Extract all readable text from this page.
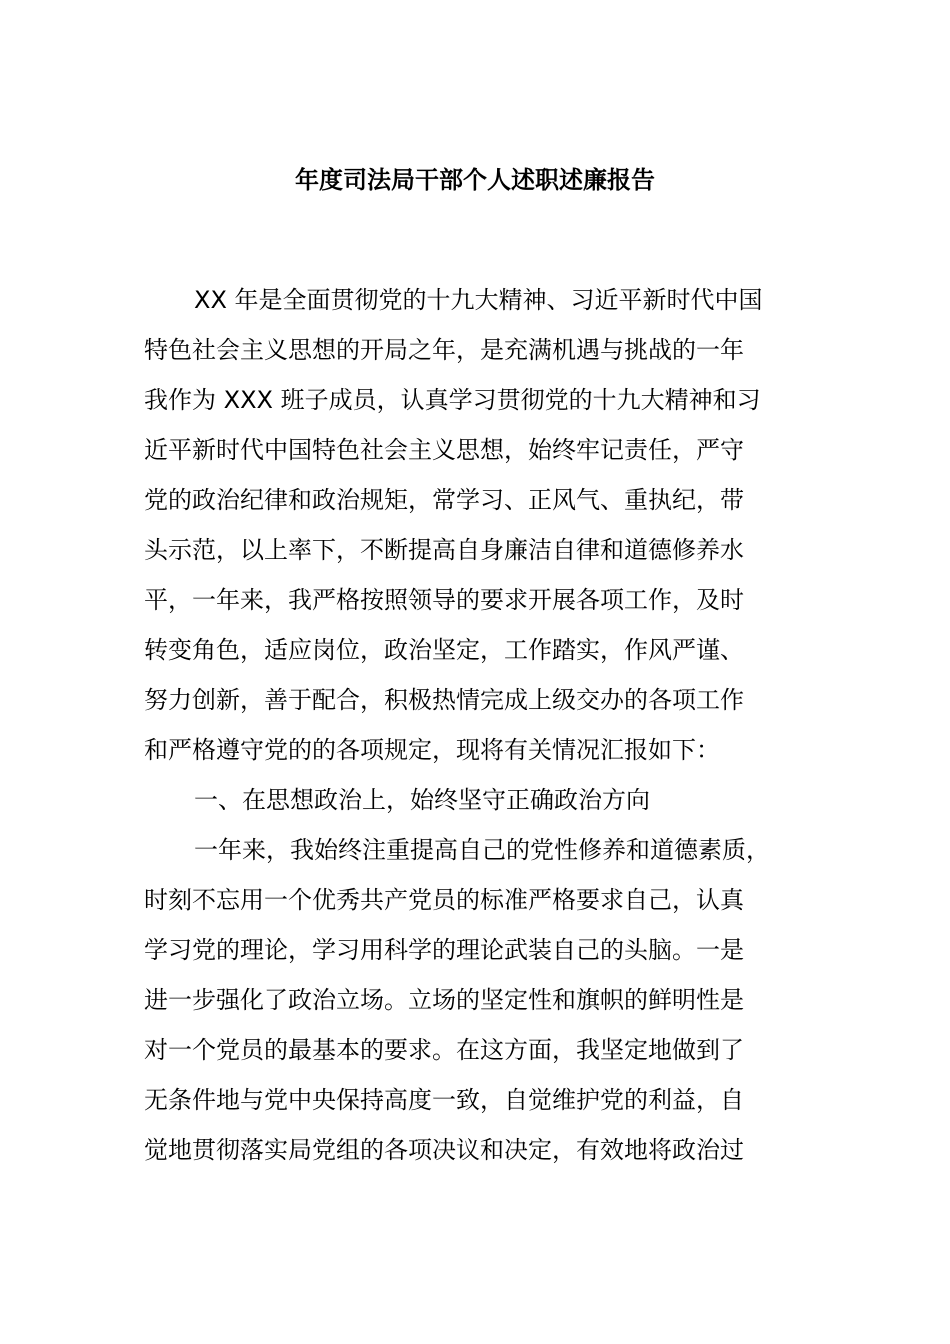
年度司法局干部个人述职述廉报告
XX 年是全面贯彻党的十九大精神、习近平新时代中国
特色社会主义思想的开局之年，是充满机遇与挑战的一年
我作为 XXX 班子成员，认真学习贯彻党的十九大精神和习
近平新时代中国特色社会主义思想，始终牢记责任，严守
党的政治纪律和政治规矩，常学习、正风气、重执纪，带
头示范，以上率下，不断提高自身廉洁自律和道德修养水
平，一年来，我严格按照领导的要求开展各项工作，及时
转变角色，适应岗位，政治坚定，工作踏实，作风严谨、
努力创新，善于配合，积极热情完成上级交办的各项工作
和严格遵守党的的各项规定，现将有关情况汇报如下：
一、在思想政治上，始终坚守正确政治方向
一年来，我始终注重提高自己的党性修养和道德素质，
时刻不忘用一个优秀共产党员的标准严格要求自己，认真
学习党的理论，学习用科学的理论武装自己的头脑。一是
进一步强化了政治立场。立场的坚定性和旗帜的鲜明性是
对一个党员的最基本的要求。在这方面，我坚定地做到了
无条件地与党中央保持高度一致，自觉维护党的利益，自
觉地贯彻落实局党组的各项决议和决定，有效地将政治过
